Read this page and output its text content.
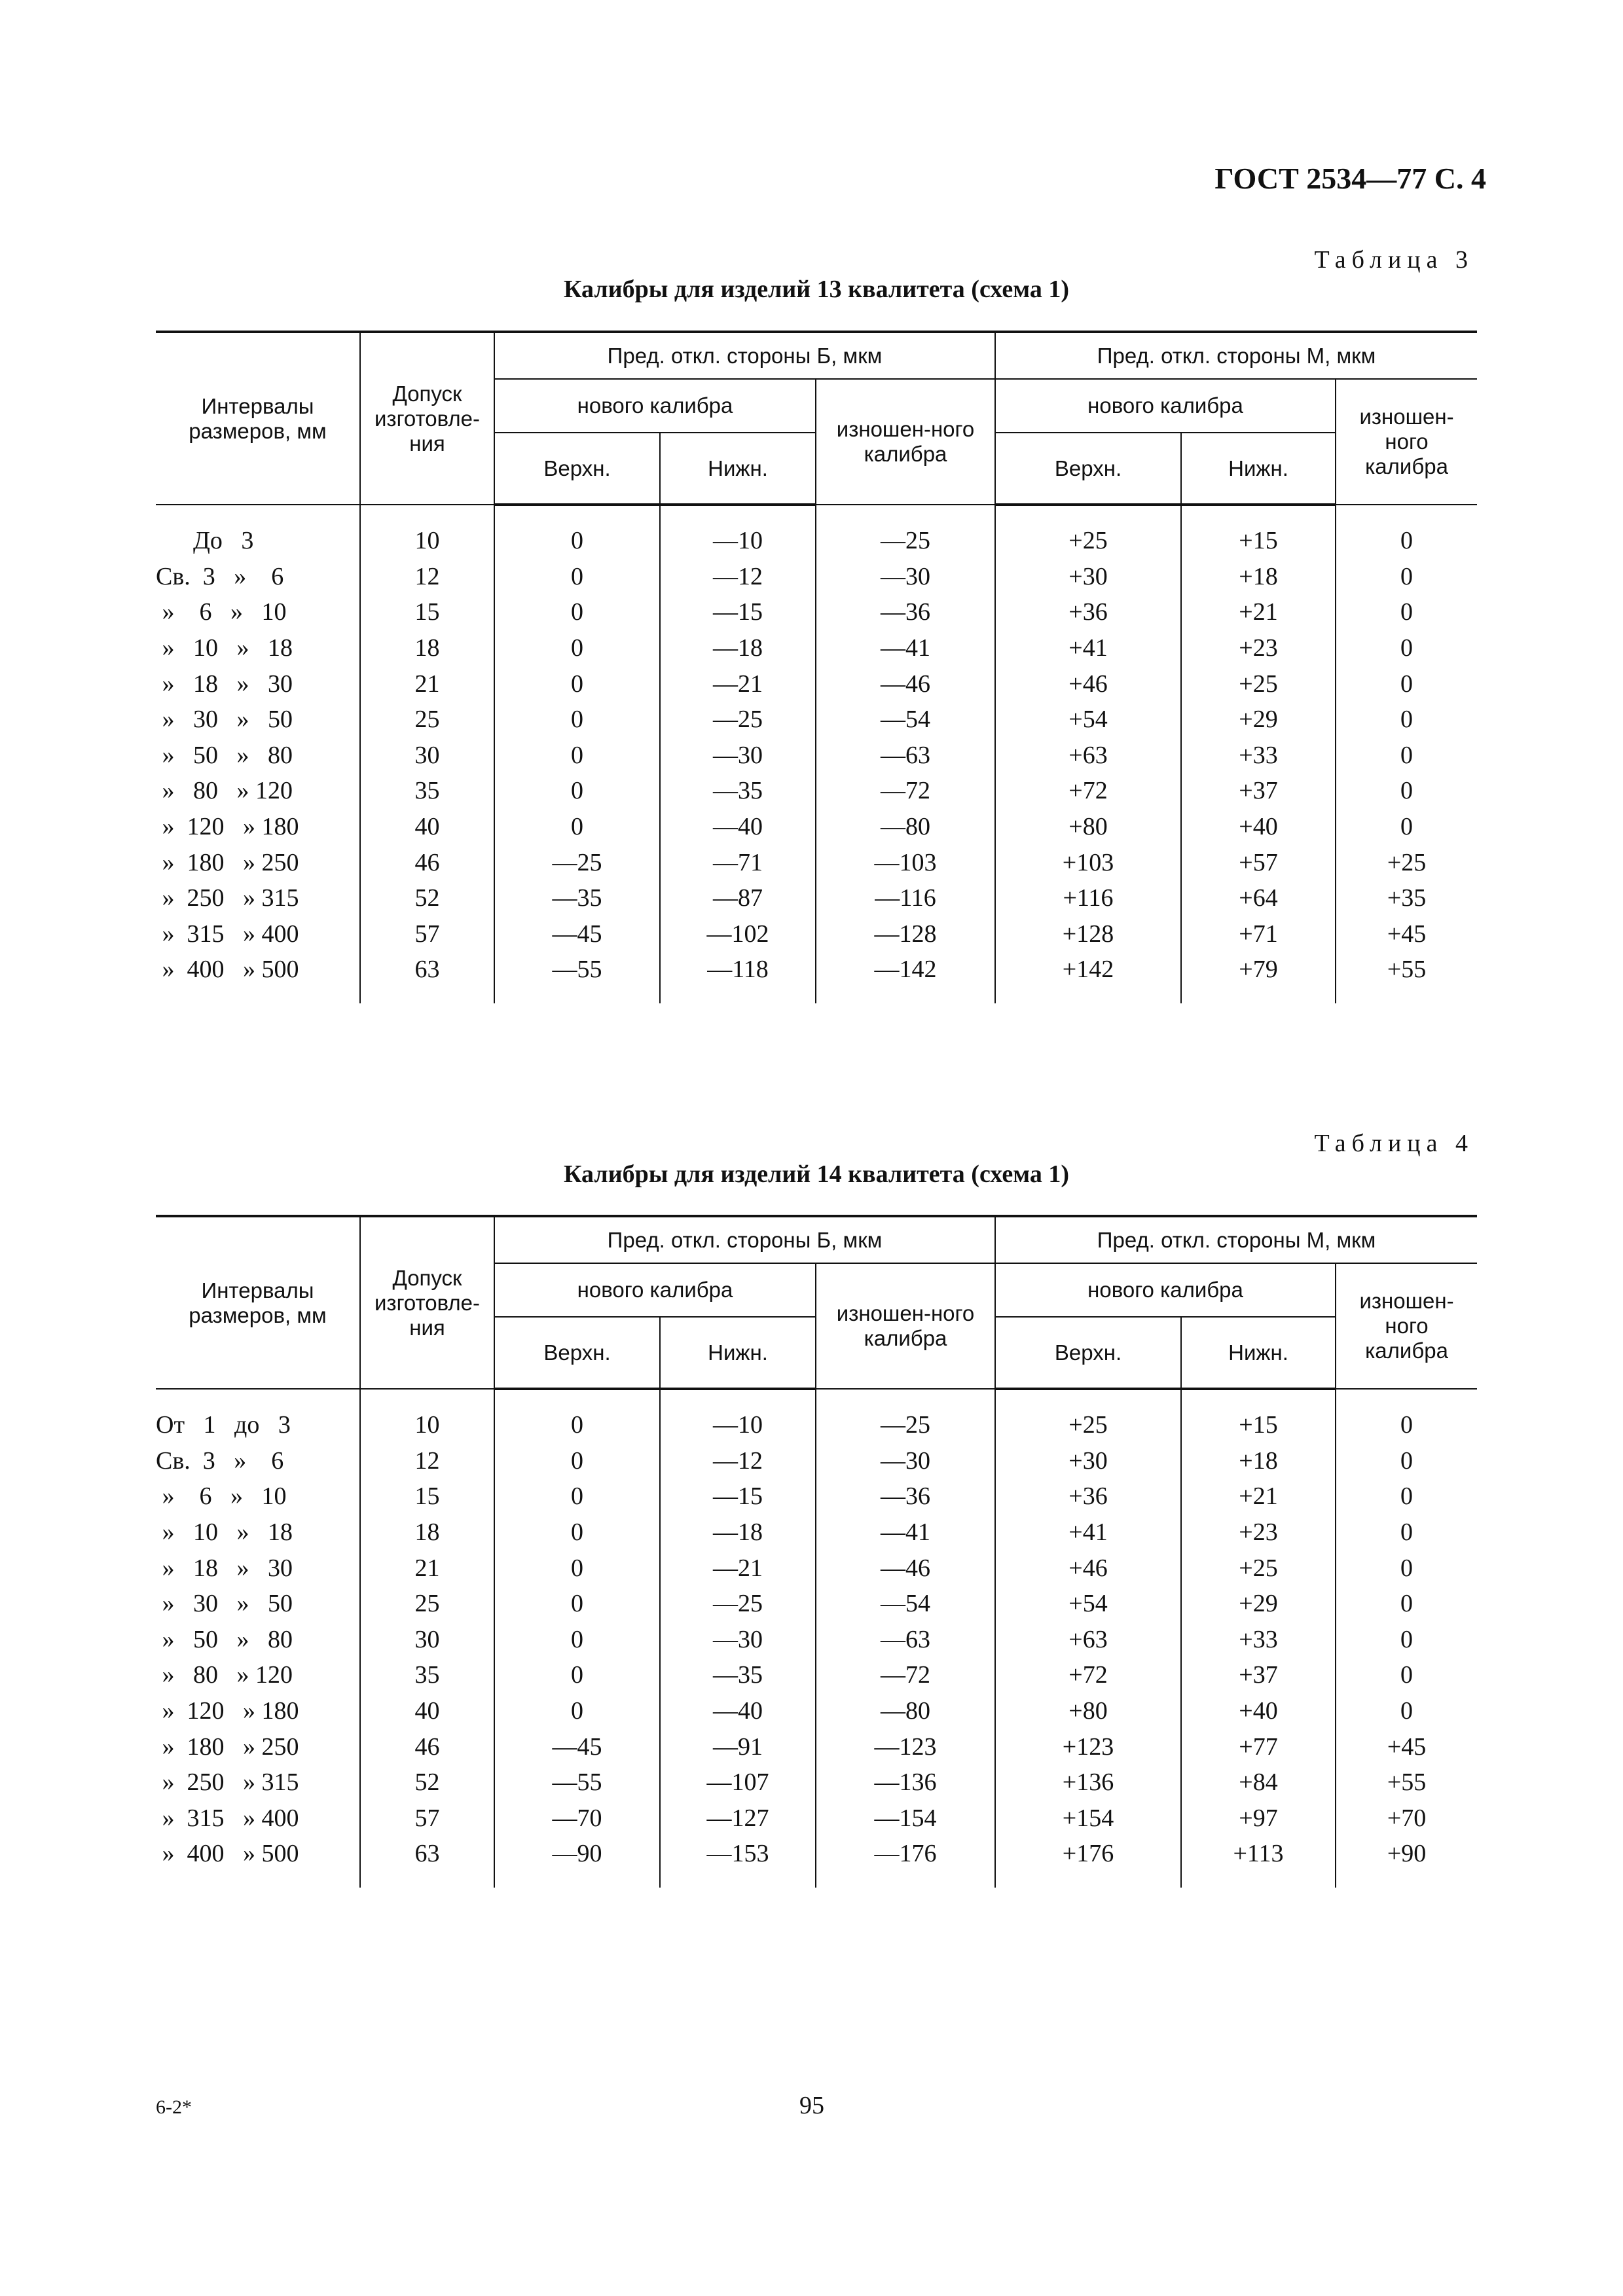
ГОСТ 2534—77 С. 4
Таблица 3
Калибры для изделий 13 квалитета (схема 1)
Интервалы размеров, мм	Допуск изготовле-ния	Пред. откл. стороны Б, мкм			Пред. откл. стороны М, мкм		
		нового калибра		изношен-ного калибра	нового калибра		изношен-ного калибра
		Верхн.	Нижн.		Верхн.	Нижн.	

До   3	10	0	—10	—25	+25	+15	0
Св.  3   »    6	12	0	—12	—30	+30	+18	0
»    6   »   10	15	0	—15	—36	+36	+21	0
»   10   »   18	18	0	—18	—41	+41	+23	0
»   18   »   30	21	0	—21	—46	+46	+25	0
»   30   »   50	25	0	—25	—54	+54	+29	0
»   50   »   80	30	0	—30	—63	+63	+33	0
»   80   » 120	35	0	—35	—72	+72	+37	0
»  120   » 180	40	0	—40	—80	+80	+40	0
»  180   » 250	46	—25	—71	—103	+103	+57	+25
»  250   » 315	52	—35	—87	—116	+116	+64	+35
»  315   » 400	57	—45	—102	—128	+128	+71	+45
»  400   » 500	63	—55	—118	—142	+142	+79	+55

Таблица 4
Калибры для изделий 14 квалитета (схема 1)
Интервалы размеров, мм	Допуск изготовле-ния	Пред. откл. стороны Б, мкм			Пред. откл. стороны М, мкм		
		нового калибра		изношен-ного калибра	нового калибра		изношен-ного калибра
		Верхн.	Нижн.		Верхн.	Нижн.	

От   1   до   3	10	0	—10	—25	+25	+15	0
Св.  3   »    6	12	0	—12	—30	+30	+18	0
»    6   »   10	15	0	—15	—36	+36	+21	0
»   10   »   18	18	0	—18	—41	+41	+23	0
»   18   »   30	21	0	—21	—46	+46	+25	0
»   30   »   50	25	0	—25	—54	+54	+29	0
»   50   »   80	30	0	—30	—63	+63	+33	0
»   80   » 120	35	0	—35	—72	+72	+37	0
»  120   » 180	40	0	—40	—80	+80	+40	0
»  180   » 250	46	—45	—91	—123	+123	+77	+45
»  250   » 315	52	—55	—107	—136	+136	+84	+55
»  315   » 400	57	—70	—127	—154	+154	+97	+70
»  400   » 500	63	—90	—153	—176	+176	+113	+90

6-2*	95
